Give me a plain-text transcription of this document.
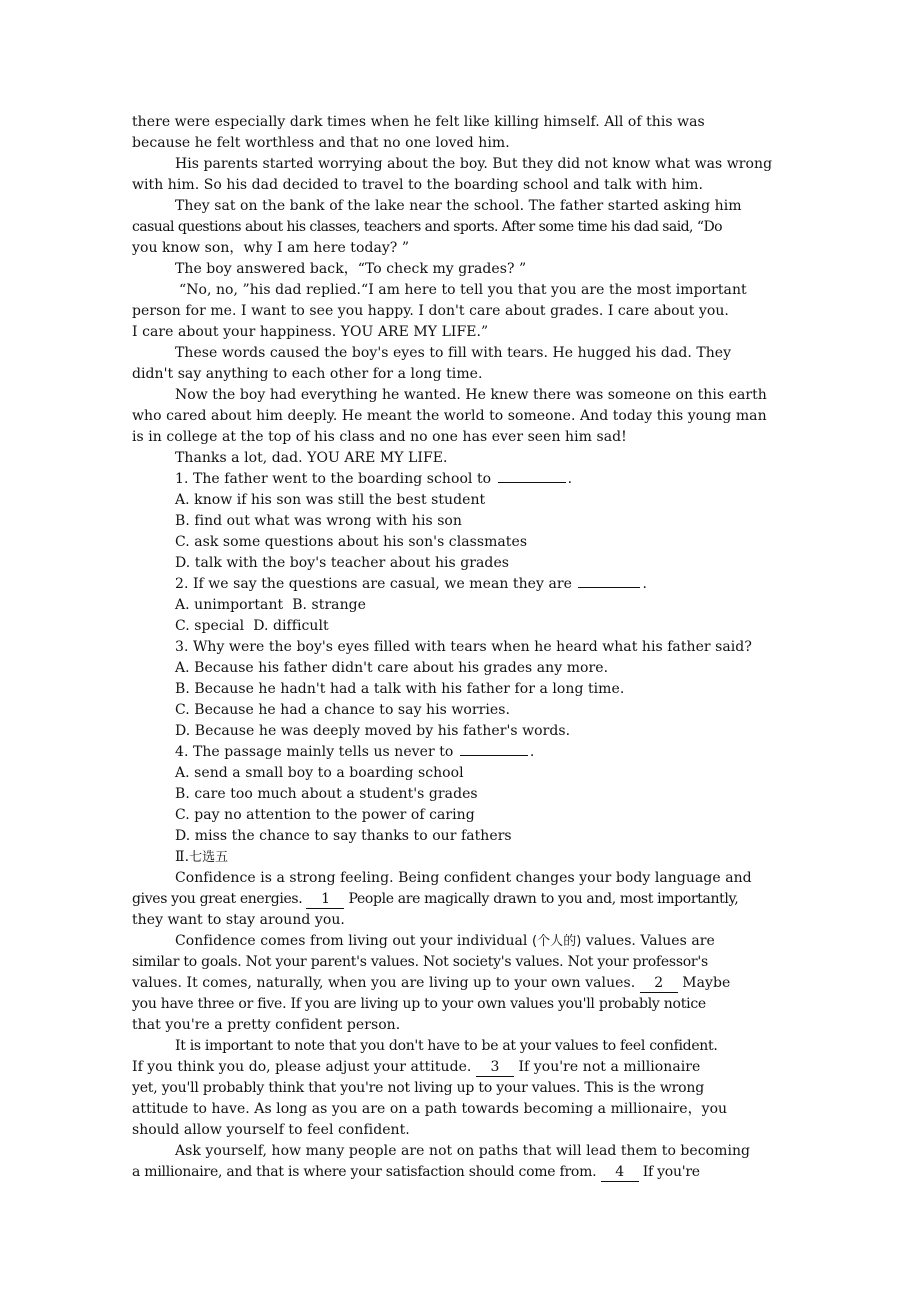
there were especially dark times when he felt like killing himself. All of this was
because he felt worthless and that no one loved him.
His parents started worrying about the boy. But they did not know what was wrong
with him. So his dad decided to travel to the boarding school and talk with him.
They sat on the bank of the lake near the school. The father started asking him
casual questions about his classes, teachers and sports. After some time his dad said, “Do
you know son，why I am here today? ”
The boy answered back，“To check my grades? ”
“No, no, ”his dad replied.“I am here to tell you that you are the most important
person for me. I want to see you happy. I don't care about grades. I care about you.
I care about your happiness. YOU ARE MY LIFE.”
These words caused the boy's eyes to fill with tears. He hugged his dad. They
didn't say anything to each other for a long time.
Now the boy had everything he wanted. He knew there was someone on this earth
who cared about him deeply. He meant the world to someone. And today this young man
is in college at the top of his class and no one has ever seen him sad!
Thanks a lot, dad. YOU ARE MY LIFE.
1. The father went to the boarding school to	.
A. know if his son was still the best student
B. find out what was wrong with his son
C. ask some questions about his son's classmates
D. talk with the boy's teacher about his grades
2. If we say the questions are casual, we mean they are	.
A. unimportant  B. strange
C. special  D. difficult
3. Why were the boy's eyes filled with tears when he heard what his father said?
A. Because his father didn't care about his grades any more.
B. Because he hadn't had a talk with his father for a long time.
C. Because he had a chance to say his worries.
D. Because he was deeply moved by his father's words.
4. The passage mainly tells us never to	.
A. send a small boy to a boarding school
B. care too much about a student's grades
C. pay no attention to the power of caring
D. miss the chance to say thanks to our fathers
Ⅱ.七选五
Confidence is a strong feeling. Being confident changes your body language and
gives you great energies. 1 People are magically drawn to you and, most importantly,
they want to stay around you.
Confidence comes from living out your individual (个人的) values. Values are
similar to goals. Not your parent's values. Not society's values. Not your professor's
values. It comes, naturally, when you are living up to your own values. 2 Maybe
you have three or five. If you are living up to your own values you'll probably notice
that you're a pretty confident person.
It is important to note that you don't have to be at your values to feel confident.
If you think you do, please adjust your attitude. 3 If you're not a millionaire
yet, you'll probably think that you're not living up to your values. This is the wrong
attitude to have. As long as you are on a path towards becoming a millionaire，you
should allow yourself to feel confident.
Ask yourself, how many people are not on paths that will lead them to becoming
a millionaire, and that is where your satisfaction should come from. 4 If you're
